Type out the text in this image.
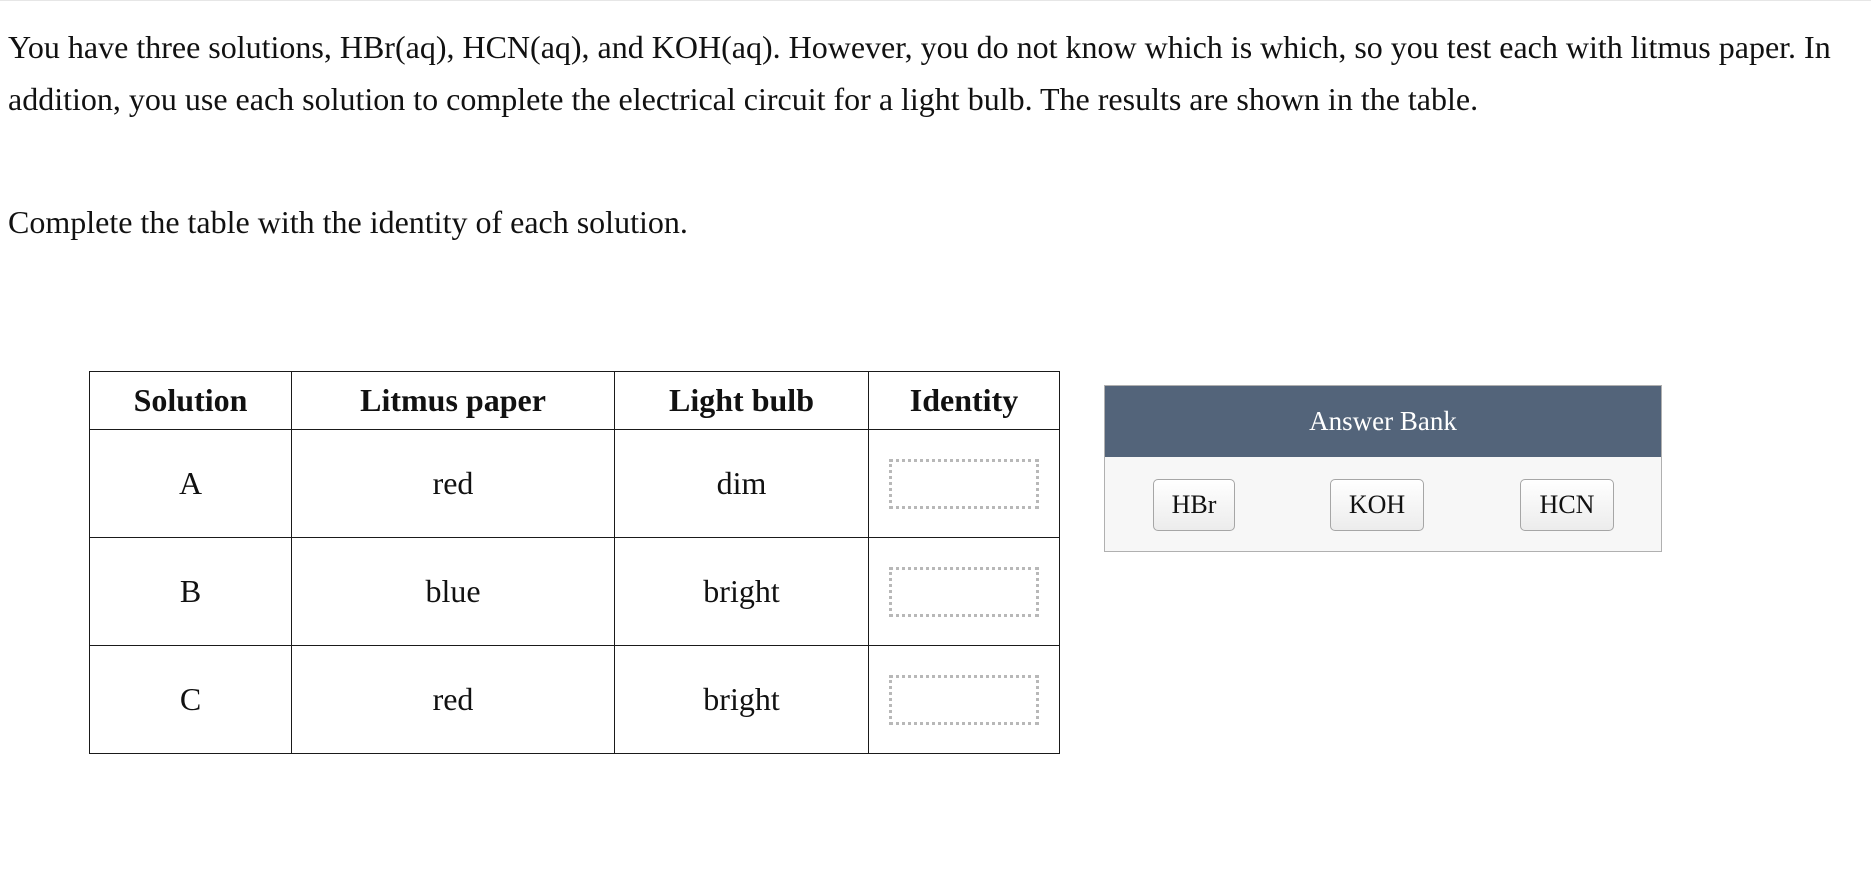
You have three solutions, HBr(aq), HCN(aq), and KOH(aq). However, you do not know which is which, so you test each with litmus paper. In addition, you use each solution to complete the electrical circuit for a light bulb. The results are shown in the table.

Complete the table with the identity of each solution.

Solution	Litmus paper	Light bulb	Identity
A	red	dim	

B	blue	bright	

C	red	bright	
Answer Bank
HBr	KOH	HCN
